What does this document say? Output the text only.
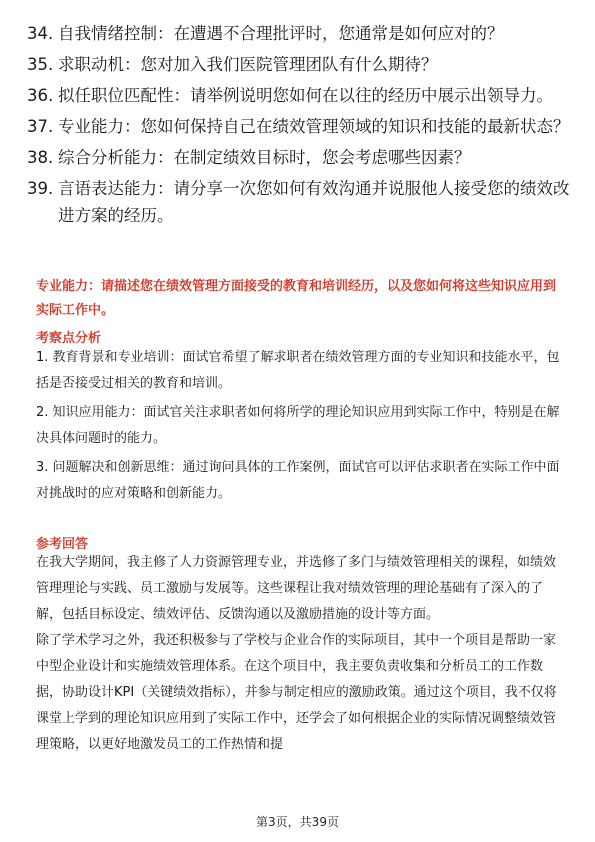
34. 自我情绪控制：在遭遇不合理批评时，您通常是如何应对的？
35. 求职动机：您对加入我们医院管理团队有什么期待？
36. 拟任职位匹配性：请举例说明您如何在以往的经历中展示出领导力。
37. 专业能力：您如何保持自己在绩效管理领域的知识和技能的最新状态？
38. 综合分析能力：在制定绩效目标时，您会考虑哪些因素？
39. 言语表达能力：请分享一次您如何有效沟通并说服他人接受您的绩效改进方案的经历。
专业能力：请描述您在绩效管理方面接受的教育和培训经历，以及您如何将这些知识应用到实际工作中。
考察点分析

1. 教育背景和专业培训：面试官希望了解求职者在绩效管理方面的专业知识和技能水平，包括是否接受过相关的教育和培训。

2. 知识应用能力：面试官关注求职者如何将所学的理论知识应用到实际工作中，特别是在解决具体问题时的能力。

3. 问题解决和创新思维：通过询问具体的工作案例，面试官可以评估求职者在实际工作中面对挑战时的应对策略和创新能力。

参考回答

在我大学期间，我主修了人力资源管理专业，并选修了多门与绩效管理相关的课程，如绩效管理理论与实践、员工激励与发展等。这些课程让我对绩效管理的理论基础有了深入的了解，包括目标设定、绩效评估、反馈沟通以及激励措施的设计等方面。

除了学术学习之外，我还积极参与了学校与企业合作的实际项目，其中一个项目是帮助一家中型企业设计和实施绩效管理体系。在这个项目中，我主要负责收集和分析员工的工作数据，协助设计KPI（关键绩效指标），并参与制定相应的激励政策。通过这个项目，我不仅将课堂上学到的理论知识应用到了实际工作中，还学会了如何根据企业的实际情况调整绩效管理策略，以更好地激发员工的工作热情和提

第3页，共39页
